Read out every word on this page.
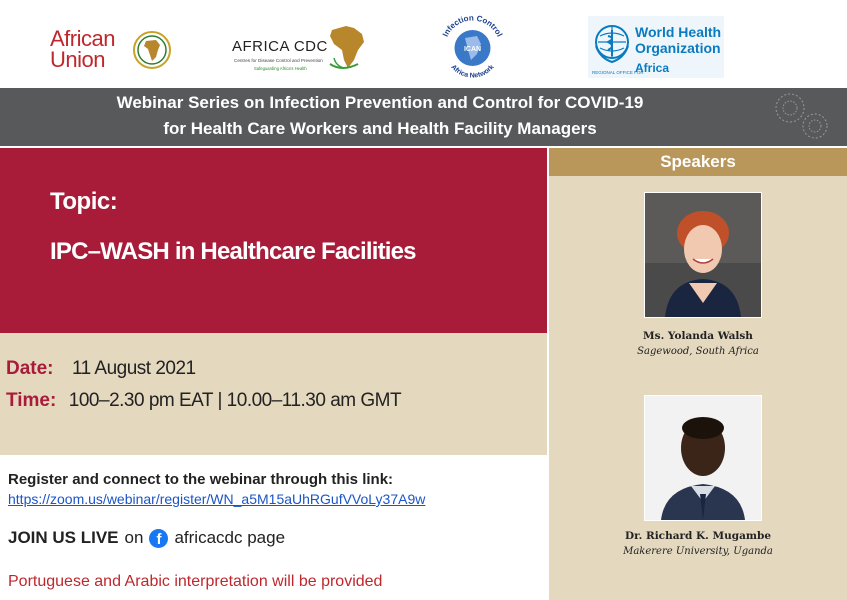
African
Union
AFRICA CDC
Centres for Disease Control and Prevention
Safeguarding Africa's Health
Infection Control
ICAN
Africa Network
World Health
Organization
REGIONAL OFFICE FOR
Africa
Webinar Series on Infection Prevention and Control for COVID-19
for Health Care Workers and Health Facility Managers
Topic:
IPC–WASH in Healthcare Facilities
Date: 11 August 2021
Time: 100–2.30 pm EAT | 10.00–11.30 am GMT
Register and connect to the webinar through this link:
https://zoom.us/webinar/register/WN_a5M15aUhRGufVVoLy37A9w
JOIN US LIVE on f africacdc page
Portuguese and Arabic interpretation will be provided
Speakers
Ms. Yolanda Walsh
Sagewood, South Africa
Dr. Richard K. Mugambe
Makerere University, Uganda
